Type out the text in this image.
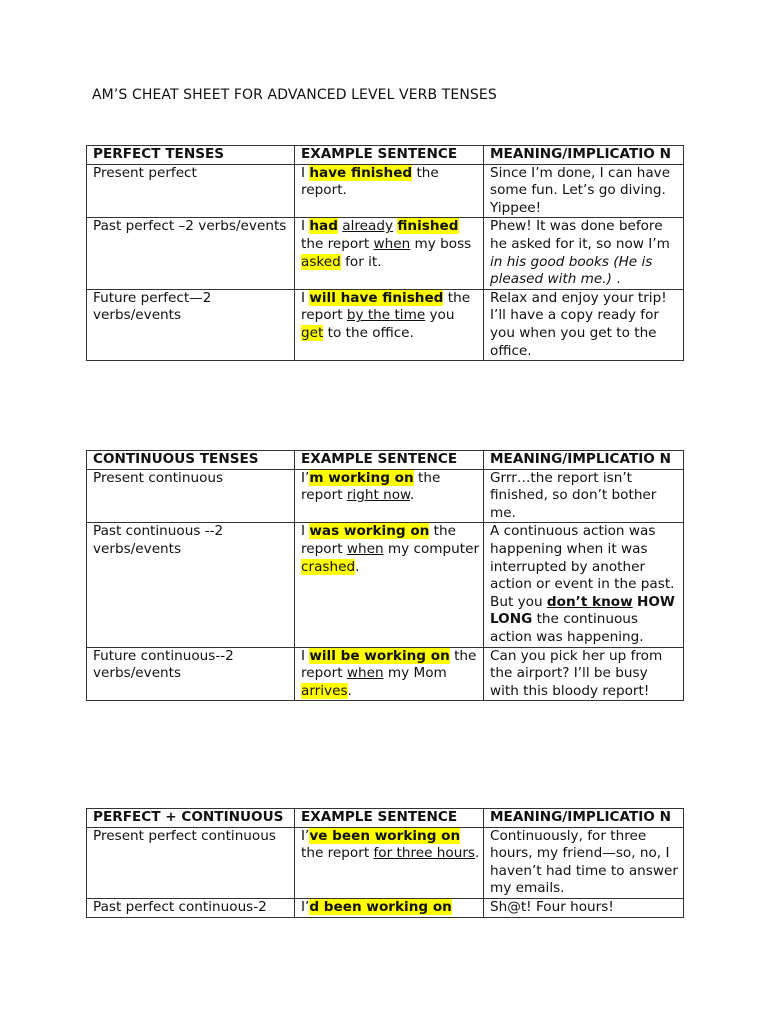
AM’S CHEAT SHEET FOR ADVANCED LEVEL VERB TENSES
PERFECT TENSES	EXAMPLE SENTENCE	MEANING/IMPLICATIO N
Present perfect	I have finished the report.	Since I’m done, I can have some fun. Let’s go diving. Yippee!
Past perfect –2 verbs/events	I had already finished the report when my boss asked for it.	Phew! It was done before he asked for it, so now I’m in his good books (He is pleased with me.) .
Future perfect—2 verbs/events	I will have finished the report by the time you get to the office.	Relax and enjoy your trip! I’ll have a copy ready for you when you get to the office.
CONTINUOUS TENSES	EXAMPLE SENTENCE	MEANING/IMPLICATIO N
Present continuous	I’m working on the report right now.	Grrr…the report isn’t finished, so don’t bother me.
Past continuous --2 verbs/events	I was working on the report when my computer crashed.	A continuous action was happening when it was interrupted by another action or event in the past. But you don’t know HOW LONG the continuous action was happening.
Future continuous--2 verbs/events	I will be working on the report when my Mom arrives.	Can you pick her up from the airport? I’ll be busy with this bloody report!
PERFECT + CONTINUOUS	EXAMPLE SENTENCE	MEANING/IMPLICATIO N
Present perfect continuous	I’ve been working on the report for three hours.	Continuously, for three hours, my friend—so, no, I haven’t had time to answer my emails.
Past perfect continuous-2	I’d been working on	Sh@t! Four hours!
